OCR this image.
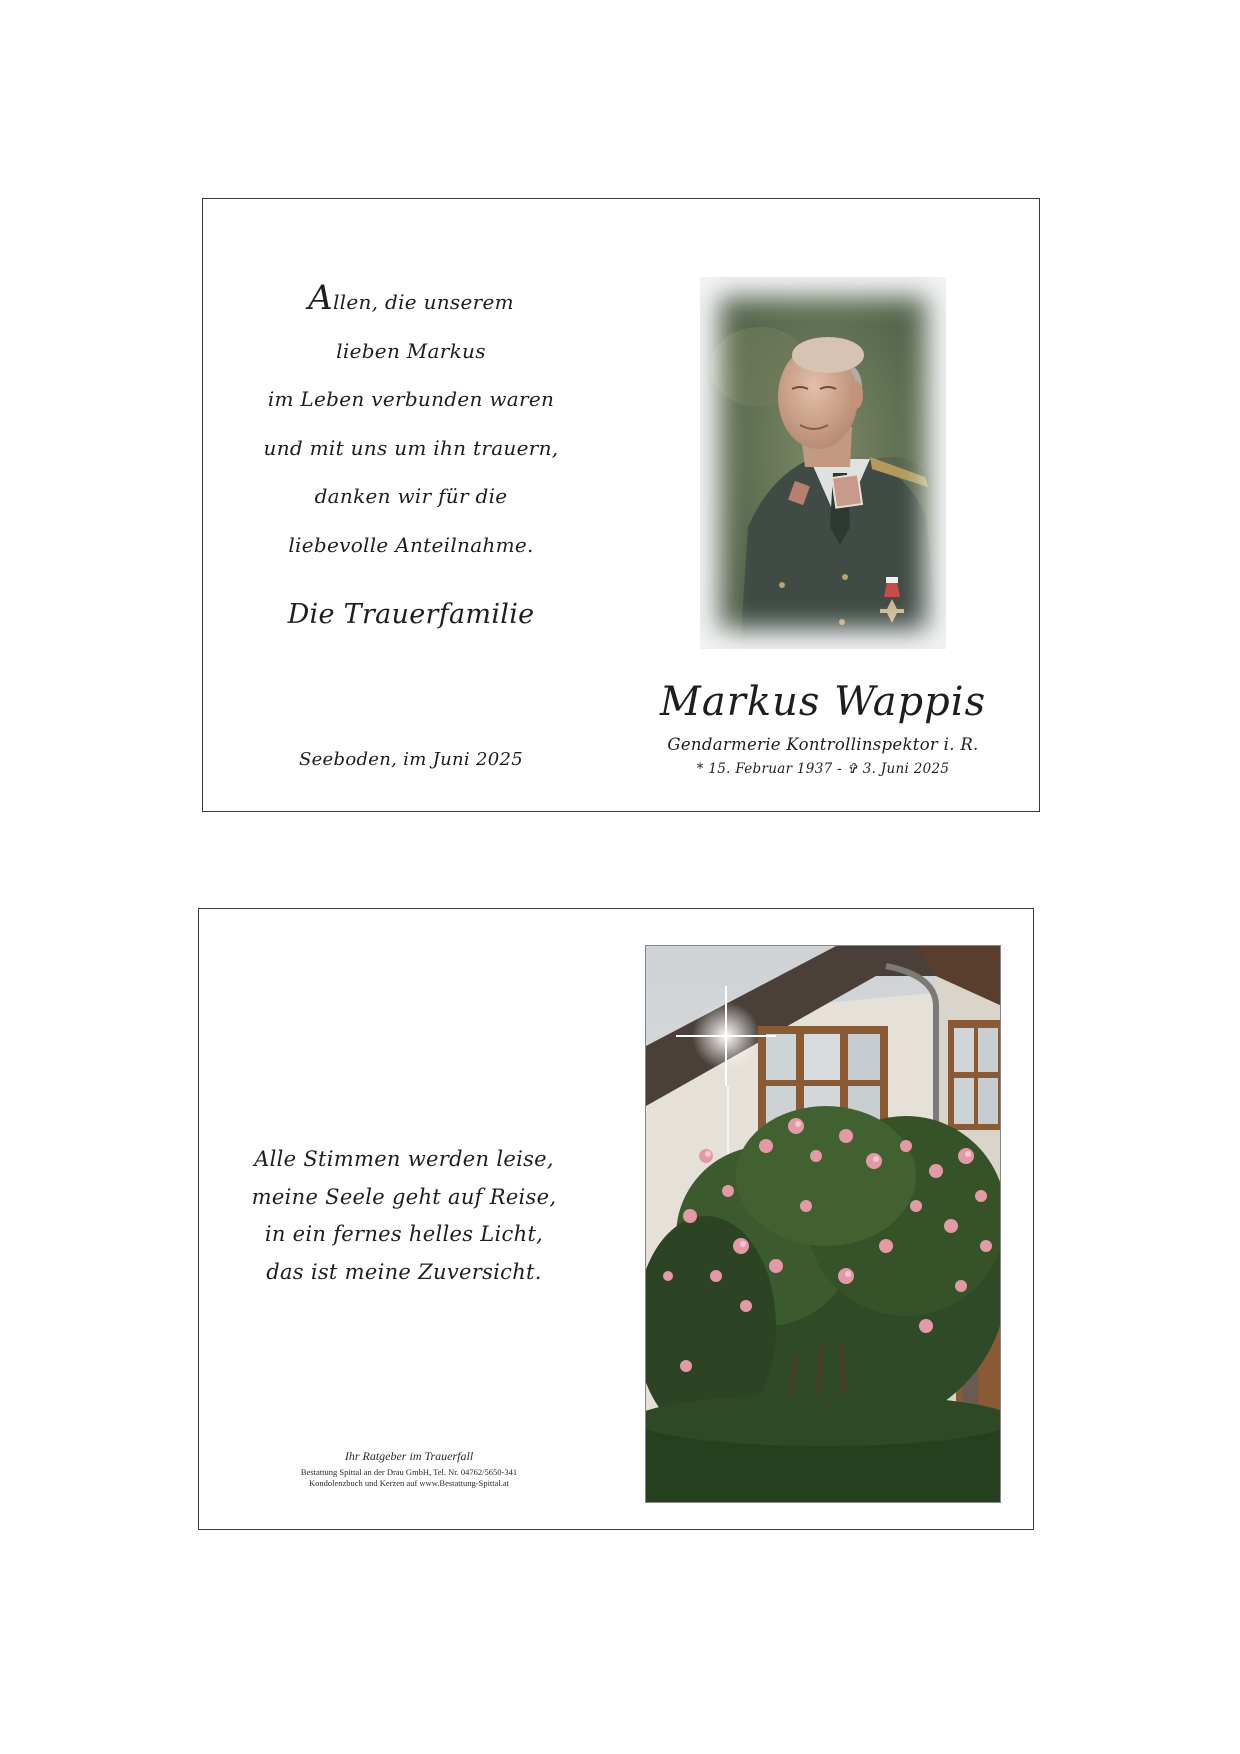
Allen, die unserem
lieben Markus
im Leben verbunden waren
und mit uns um ihn trauern,
danken wir für die
liebevolle Anteilnahme.
Die Trauerfamilie
Seeboden, im Juni 2025
Markus Wappis
Gendarmerie Kontrollinspektor i. R.
* 15. Februar 1937 - ✞ 3. Juni 2025
Alle Stimmen werden leise,
meine Seele geht auf Reise,
in ein fernes helles Licht,
das ist meine Zuversicht.
Ihr Ratgeber im Trauerfall
Bestattung Spittal an der Drau GmbH, Tel. Nr. 04762/5650-341
Kondolenzbuch und Kerzen auf www.Bestattung-Spittal.at
